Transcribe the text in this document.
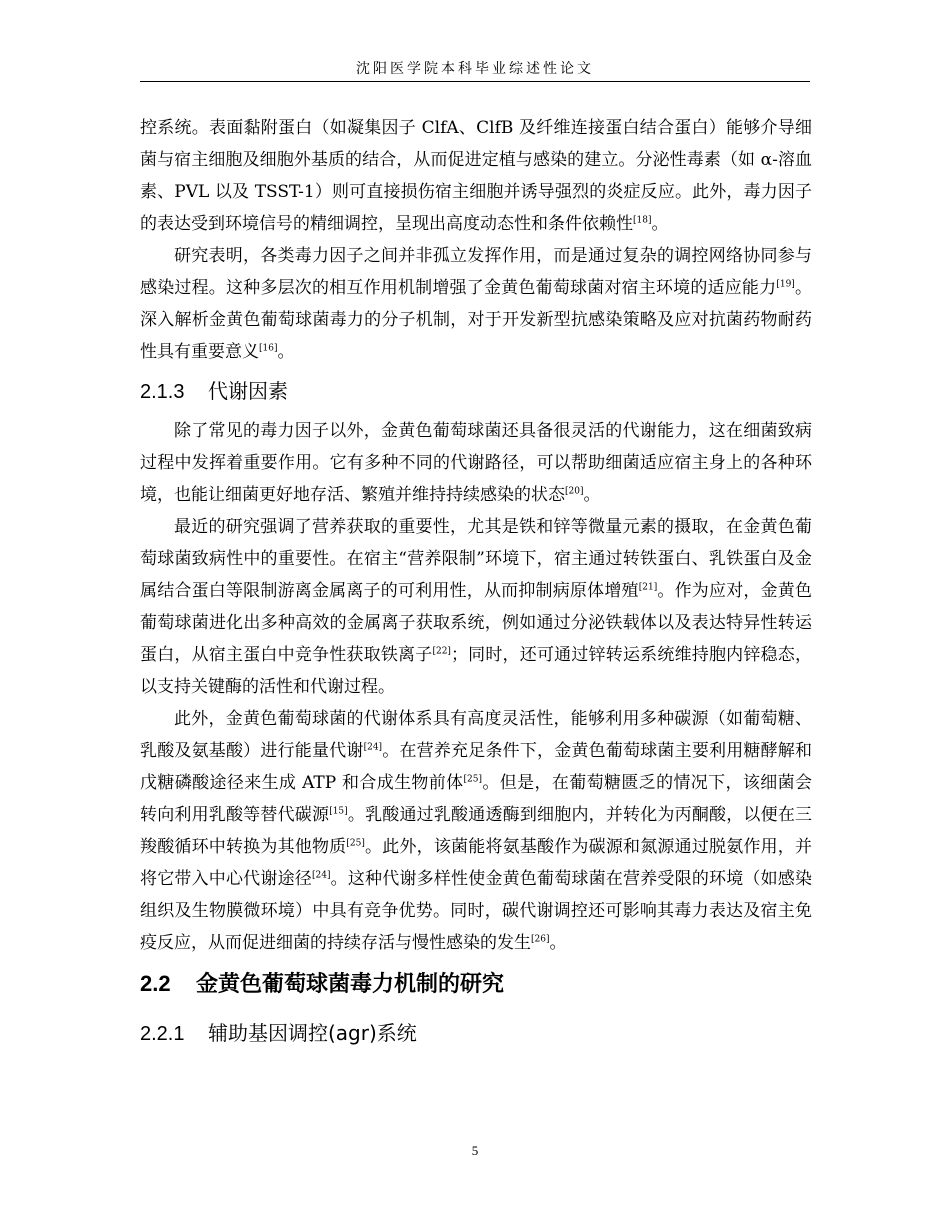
沈阳医学院本科毕业综述性论文

控系统。表面黏附蛋白（如凝集因子 ClfA、ClfB 及纤维连接蛋白结合蛋白）能够介导细菌与宿主细胞及细胞外基质的结合，从而促进定植与感染的建立。分泌性毒素（如 α-溶血素、PVL 以及 TSST-1）则可直接损伤宿主细胞并诱导强烈的炎症反应。此外，毒力因子的表达受到环境信号的精细调控，呈现出高度动态性和条件依赖性[18]。

研究表明，各类毒力因子之间并非孤立发挥作用，而是通过复杂的调控网络协同参与感染过程。这种多层次的相互作用机制增强了金黄色葡萄球菌对宿主环境的适应能力[19]。深入解析金黄色葡萄球菌毒力的分子机制，对于开发新型抗感染策略及应对抗菌药物耐药性具有重要意义[16]。

2.1.3 代谢因素

除了常见的毒力因子以外，金黄色葡萄球菌还具备很灵活的代谢能力，这在细菌致病过程中发挥着重要作用。它有多种不同的代谢路径，可以帮助细菌适应宿主身上的各种环境，也能让细菌更好地存活、繁殖并维持持续感染的状态[20]。

最近的研究强调了营养获取的重要性，尤其是铁和锌等微量元素的摄取，在金黄色葡萄球菌致病性中的重要性。在宿主“营养限制”环境下，宿主通过转铁蛋白、乳铁蛋白及金属结合蛋白等限制游离金属离子的可利用性，从而抑制病原体增殖[21]。作为应对，金黄色葡萄球菌进化出多种高效的金属离子获取系统，例如通过分泌铁载体以及表达特异性转运蛋白，从宿主蛋白中竞争性获取铁离子[22]；同时，还可通过锌转运系统维持胞内锌稳态，以支持关键酶的活性和代谢过程。

此外，金黄色葡萄球菌的代谢体系具有高度灵活性，能够利用多种碳源（如葡萄糖、乳酸及氨基酸）进行能量代谢[24]。在营养充足条件下，金黄色葡萄球菌主要利用糖酵解和戊糖磷酸途径来生成 ATP 和合成生物前体[25]。但是，在葡萄糖匮乏的情况下，该细菌会转向利用乳酸等替代碳源[15]。乳酸通过乳酸通透酶到细胞内，并转化为丙酮酸，以便在三羧酸循环中转换为其他物质[25]。此外，该菌能将氨基酸作为碳源和氮源通过脱氨作用，并将它带入中心代谢途径[24]。这种代谢多样性使金黄色葡萄球菌在营养受限的环境（如感染组织及生物膜微环境）中具有竞争优势。同时，碳代谢调控还可影响其毒力表达及宿主免疫反应，从而促进细菌的持续存活与慢性感染的发生[26]。

2.2 金黄色葡萄球菌毒力机制的研究
2.2.1 辅助基因调控(agr)系统
5
